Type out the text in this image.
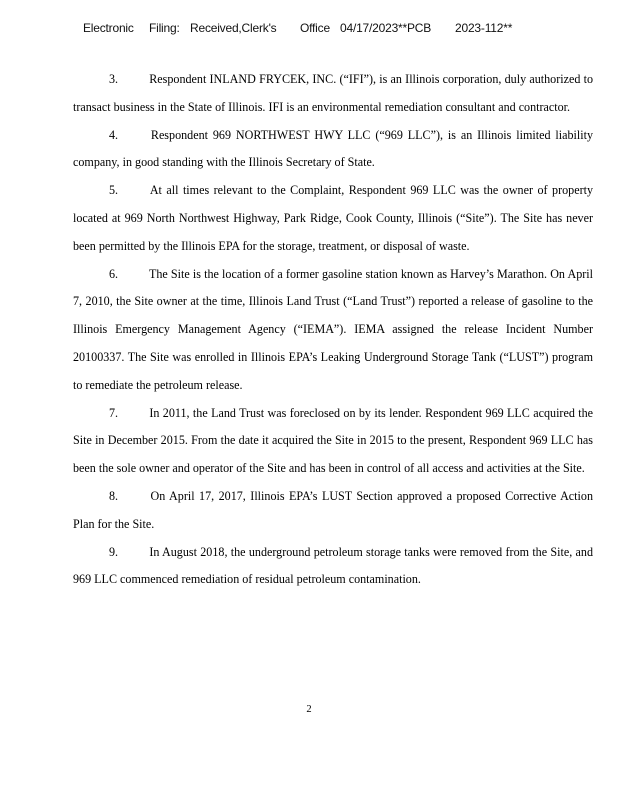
Electronic Filing: Received,Clerk's Office 04/17/2023**PCB 2023-112**

3.	Respondent INLAND FRYCEK, INC. (“IFI”), is an Illinois corporation, duly authorized to transact business in the State of Illinois. IFI is an environmental remediation consultant and contractor.

4.	Respondent 969 NORTHWEST HWY LLC (“969 LLC”), is an Illinois limited liability company, in good standing with the Illinois Secretary of State.

5.	At all times relevant to the Complaint, Respondent 969 LLC was the owner of property located at 969 North Northwest Highway, Park Ridge, Cook County, Illinois (“Site”). The Site has never been permitted by the Illinois EPA for the storage, treatment, or disposal of waste.

6.	The Site is the location of a former gasoline station known as Harvey’s Marathon. On April 7, 2010, the Site owner at the time, Illinois Land Trust (“Land Trust”) reported a release of gasoline to the Illinois Emergency Management Agency (“IEMA”). IEMA assigned the release Incident Number 20100337. The Site was enrolled in Illinois EPA’s Leaking Underground Storage Tank (“LUST”) program to remediate the petroleum release.

7.	In 2011, the Land Trust was foreclosed on by its lender. Respondent 969 LLC acquired the Site in December 2015. From the date it acquired the Site in 2015 to the present, Respondent 969 LLC has been the sole owner and operator of the Site and has been in control of all access and activities at the Site.

8.	On April 17, 2017, Illinois EPA’s LUST Section approved a proposed Corrective Action Plan for the Site.

9.	In August 2018, the underground petroleum storage tanks were removed from the Site, and 969 LLC commenced remediation of residual petroleum contamination.

2
